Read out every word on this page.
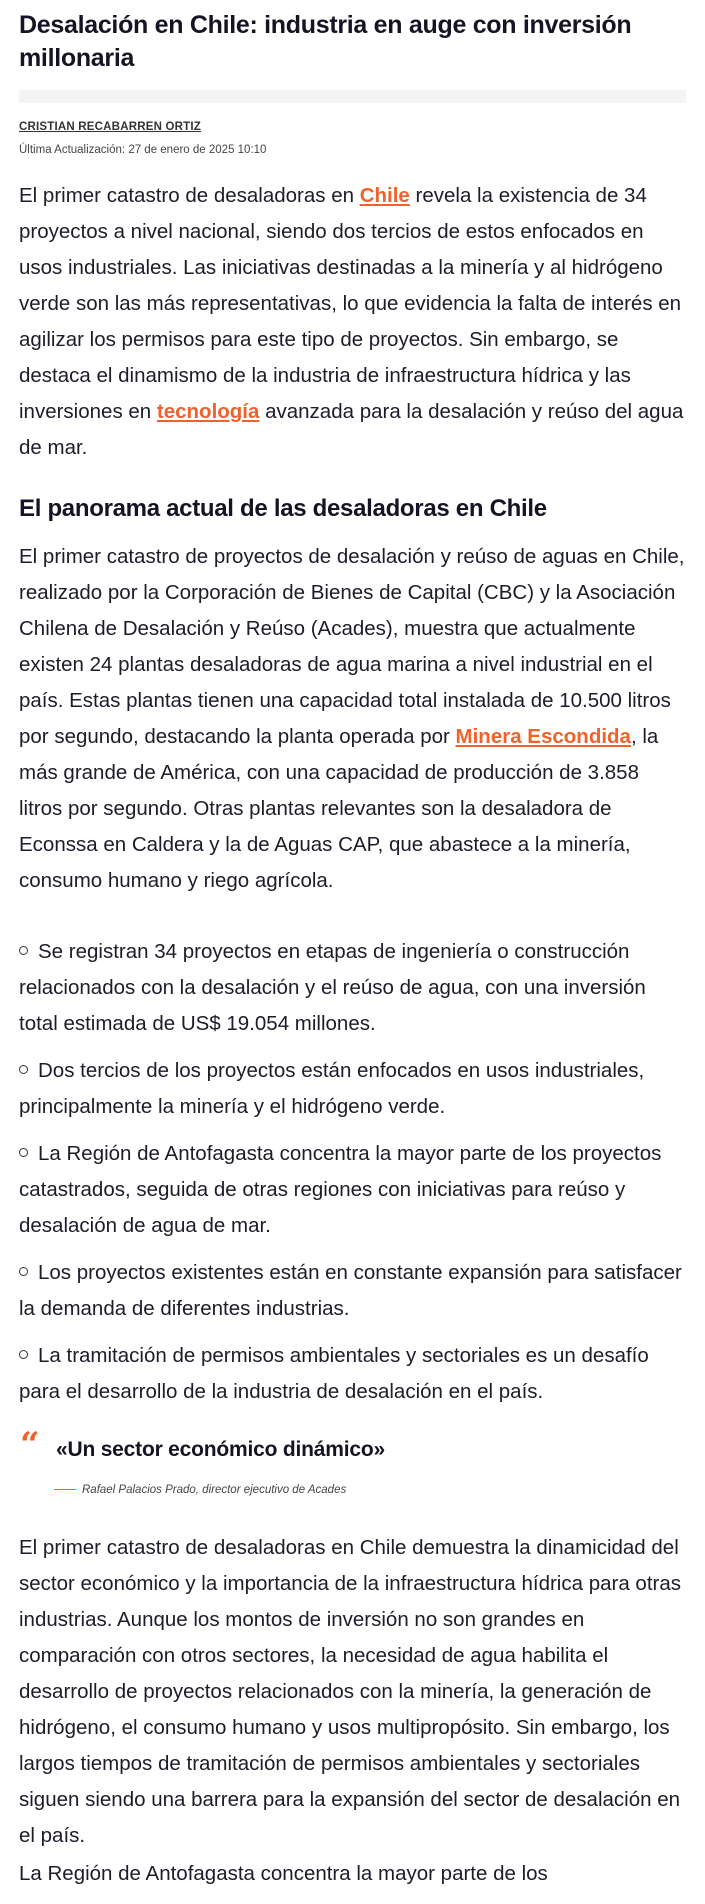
Desalación en Chile: industria en auge con inversión millonaria
CRISTIAN RECABARREN ORTIZ
Última Actualización: 27 de enero de 2025 10:10

El primer catastro de desaladoras en Chile revela la existencia de 34 proyectos a nivel nacional, siendo dos tercios de estos enfocados en usos industriales. Las iniciativas destinadas a la minería y al hidrógeno verde son las más representativas, lo que evidencia la falta de interés en agilizar los permisos para este tipo de proyectos. Sin embargo, se destaca el dinamismo de la industria de infraestructura hídrica y las inversiones en tecnología avanzada para la desalación y reúso del agua de mar.

El panorama actual de las desaladoras en Chile

El primer catastro de proyectos de desalación y reúso de aguas en Chile, realizado por la Corporación de Bienes de Capital (CBC) y la Asociación Chilena de Desalación y Reúso (Acades), muestra que actualmente existen 24 plantas desaladoras de agua marina a nivel industrial en el país. Estas plantas tienen una capacidad total instalada de 10.500 litros por segundo, destacando la planta operada por Minera Escondida, la más grande de América, con una capacidad de producción de 3.858 litros por segundo. Otras plantas relevantes son la desaladora de Econssa en Caldera y la de Aguas CAP, que abastece a la minería, consumo humano y riego agrícola.

Se registran 34 proyectos en etapas de ingeniería o construcción relacionados con la desalación y el reúso de agua, con una inversión total estimada de US$ 19.054 millones.
Dos tercios de los proyectos están enfocados en usos industriales, principalmente la minería y el hidrógeno verde.
La Región de Antofagasta concentra la mayor parte de los proyectos catastrados, seguida de otras regiones con iniciativas para reúso y desalación de agua de mar.
Los proyectos existentes están en constante expansión para satisfacer la demanda de diferentes industrias.
La tramitación de permisos ambientales y sectoriales es un desafío para el desarrollo de la industria de desalación en el país.
“ «Un sector económico dinámico»
Rafael Palacios Prado, director ejecutivo de Acades

El primer catastro de desaladoras en Chile demuestra la dinamicidad del sector económico y la importancia de la infraestructura hídrica para otras industrias. Aunque los montos de inversión no son grandes en comparación con otros sectores, la necesidad de agua habilita el desarrollo de proyectos relacionados con la minería, la generación de hidrógeno, el consumo humano y usos multipropósito. Sin embargo, los largos tiempos de tramitación de permisos ambientales y sectoriales siguen siendo una barrera para la expansión del sector de desalación en el país.

La Región de Antofagasta concentra la mayor parte de los
